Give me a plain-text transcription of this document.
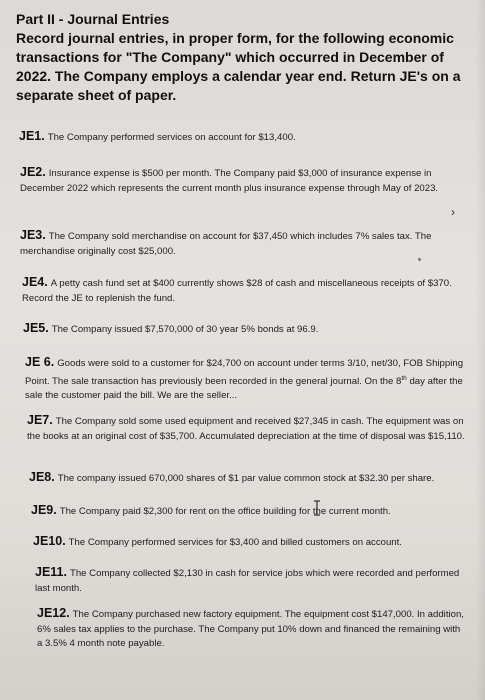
Part II - Journal Entries
Record journal entries, in proper form, for the following economic transactions for "The Company" which occurred in December of 2022. The Company employs a calendar year end. Return JE's on a separate sheet of paper.
JE1. The Company performed services on account for $13,400.
JE2. Insurance expense is $500 per month. The Company paid $3,000 of insurance expense in December 2022 which represents the current month plus insurance expense through May of 2023.
JE3. The Company sold merchandise on account for $37,450 which includes 7% sales tax. The merchandise originally cost $25,000.
JE4. A petty cash fund set at $400 currently shows $28 of cash and miscellaneous receipts of $370. Record the JE to replenish the fund.
JE5. The Company issued $7,570,000 of 30 year 5% bonds at 96.9.
JE 6. Goods were sold to a customer for $24,700 on account under terms 3/10, net/30, FOB Shipping Point. The sale transaction has previously been recorded in the general journal. On the 8th day after the sale the customer paid the bill. We are the seller...
JE7. The Company sold some used equipment and received $27,345 in cash. The equipment was on the books at an original cost of $35,700. Accumulated depreciation at the time of disposal was $15,110.
JE8. The company issued 670,000 shares of $1 par value common stock at $32.30 per share.
JE9. The Company paid $2,300 for rent on the office building for the current month.
JE10. The Company performed services for $3,400 and billed customers on account.
JE11. The Company collected $2,130 in cash for service jobs which were recorded and performed last month.
JE12. The Company purchased new factory equipment. The equipment cost $147,000. In addition, 6% sales tax applies to the purchase. The Company put 10% down and financed the remaining with a 3.5% 4 month note payable.
›
